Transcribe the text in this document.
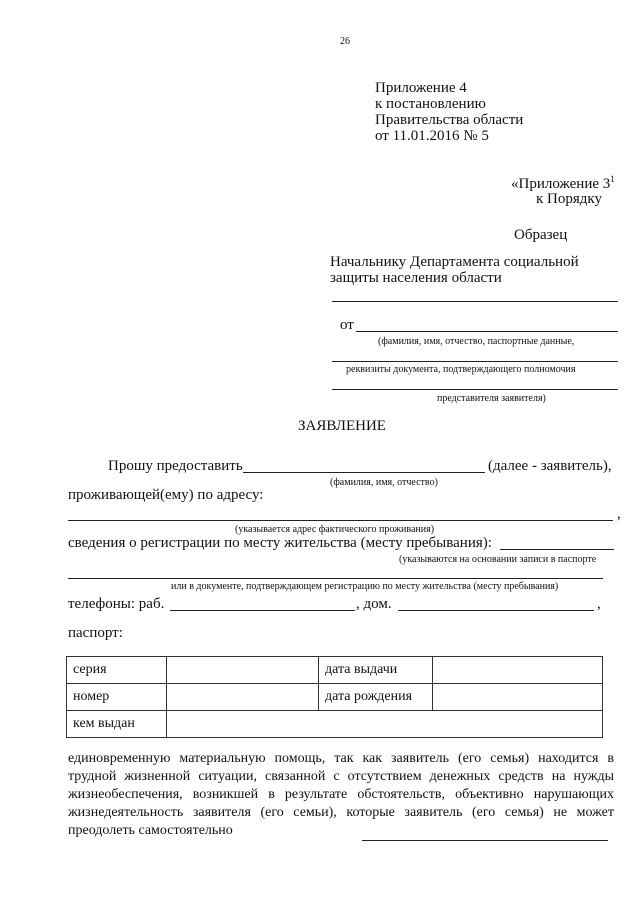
26
Приложение 4
к постановлению
Правительства области
от 11.01.2016 № 5
«Приложение $3^1$
к Порядку
Образец
Начальнику Департамента социальной
защиты населения области
от
(фамилия, имя, отчество, паспортные данные,
реквизиты документа, подтверждающего полномочия
представителя заявителя)
ЗАЯВЛЕНИЕ
Прошу предоставить	(далее - заявитель),
(фамилия, имя, отчество)
проживающей(ему) по адресу:
,
(указывается адрес фактического проживания)
сведения о регистрации по месту жительства (месту пребывания):
(указываются на основании записи в паспорте
или в документе, подтверждающем регистрацию по месту жительства (месту пребывания)
телефоны: раб.	, дом.	,
паспорт:
серия		дата выдачи	
номер		дата рождения	
кем выдан			
единовременную материальную помощь, так как заявитель (его семья) находится в трудной жизненной ситуации, связанной с отсутствием денежных средств на нужды жизнеобеспечения, возникшей в результате обстоятельств, объективно нарушающих жизнедеятельность заявителя (его семьи), которые заявитель (его семья) не может преодолеть самостоятельно
